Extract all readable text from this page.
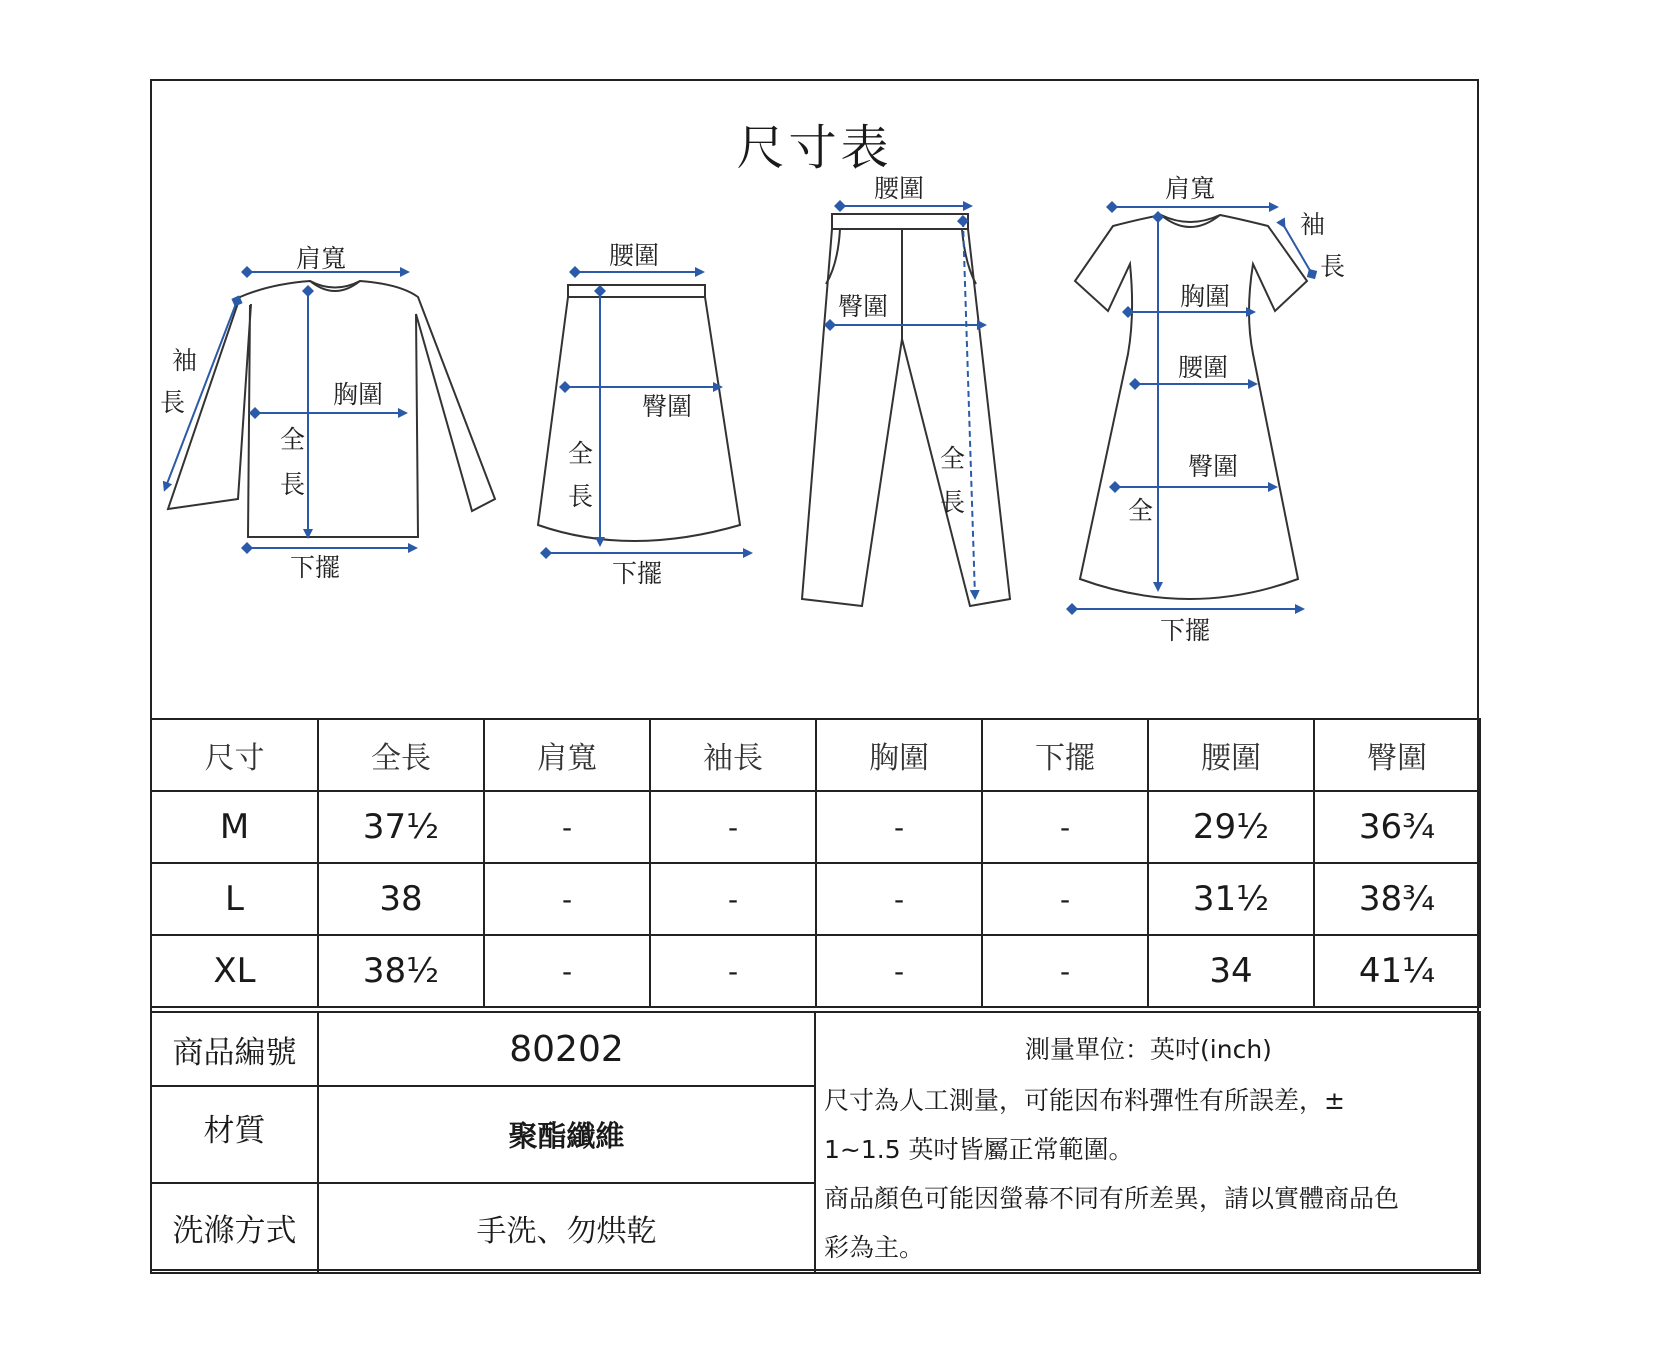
尺寸表
肩寬
袖
長	胸圍
全
長
下擺
腰圍
臀圍
全
長
下擺
腰圍
臀圍
全
長
肩寬
袖
長
胸圍
腰圍
臀圍
全
下擺
尺寸	全長	肩寬	袖長	胸圍	下擺	腰圍	臀圍
M	37½	-	-	-	-	29½	36¾
L	38	-	-	-	-	31½	38¾
XL	38½	-	-	-	-	34	41¼
商品編號	80202	測量單位：英吋(inch)
尺寸為人工測量，可能因布料彈性有所誤差，±
1~1.5 英吋皆屬正常範圍。
商品顏色可能因螢幕不同有所差異，請以實體商品色
彩為主。

材質	聚酯纖維	
洗滌方式	手洗、勿烘乾	
